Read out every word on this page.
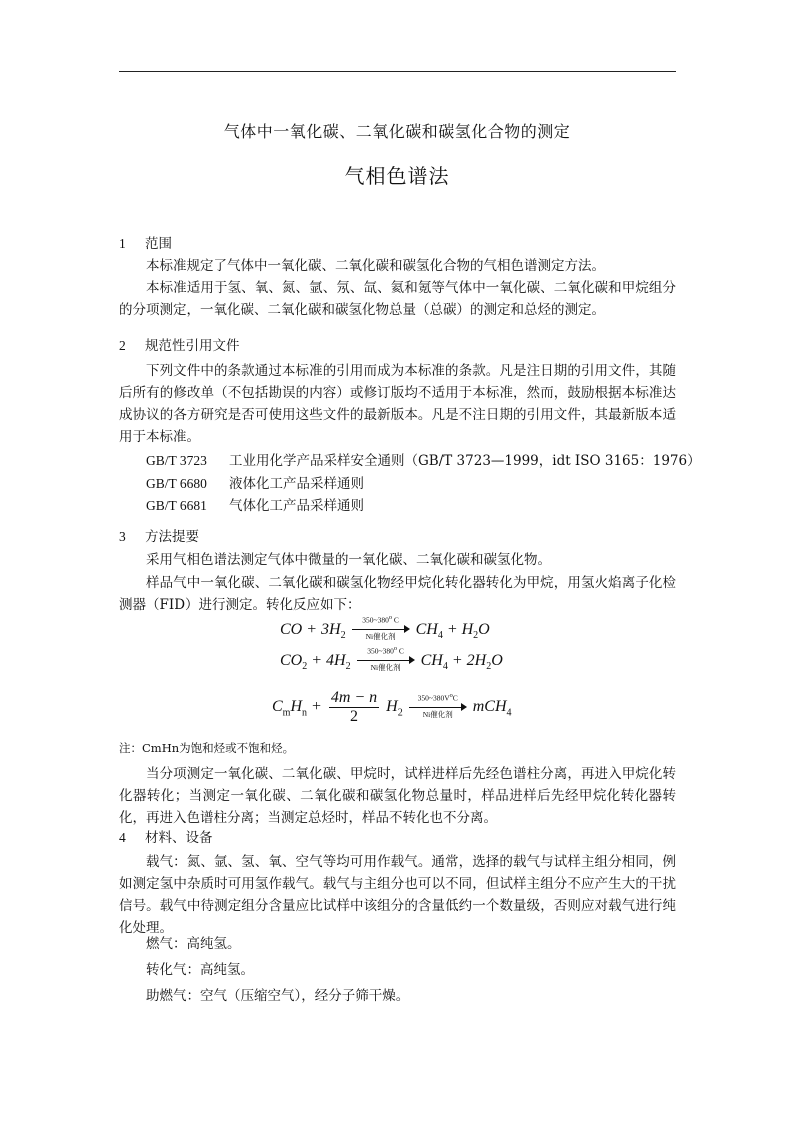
气体中一氧化碳、二氧化碳和碳氢化合物的测定
气相色谱法
1 范围
本标准规定了气体中一氧化碳、二氧化碳和碳氢化合物的气相色谱测定方法。
本标准适用于氢、氧、氮、氩、氖、氙、氦和氪等气体中一氧化碳、二氧化碳和甲烷组分的分项测定，一氧化碳、二氧化碳和碳氢化物总量（总碳）的测定和总烃的测定。
2 规范性引用文件
下列文件中的条款通过本标准的引用而成为本标准的条款。凡是注日期的引用文件，其随后所有的修改单（不包括勘误的内容）或修订版均不适用于本标准，然而，鼓励根据本标准达成协议的各方研究是否可使用这些文件的最新版本。凡是不注日期的引用文件，其最新版本适用于本标准。
GB/T 3723 工业用化学产品采样安全通则（GB/T 3723—1999，idt ISO 3165：1976）
GB/T 6680 液体化工产品采样通则
GB/T 6681 气体化工产品采样通则
3 方法提要
采用气相色谱法测定气体中微量的一氧化碳、二氧化碳和碳氢化物。
样品气中一氧化碳、二氧化碳和碳氢化物经甲烷化转化器转化为甲烷，用氢火焰离子化检测器（FID）进行测定。转化反应如下：
CO + $3H_2$
350~380$^o$ C
Ni催化剂	$CH_4 + H_2O$
$CO_2 + 4H_2$
350~380$^o$ C
Ni催化剂	$CH_4 + 2H_2O$
$C_mH_n + \frac{4m - n}{2} H_2$
$350\sim 380V^oC$
Ni催化剂	mCH$_4$
注：CmHn为饱和烃或不饱和烃。
当分项测定一氧化碳、二氧化碳、甲烷时，试样进样后先经色谱柱分离，再进入甲烷化转化器转化；当测定一氧化碳、二氧化碳和碳氢化物总量时，样品进样后先经甲烷化转化器转化，再进入色谱柱分离；当测定总烃时，样品不转化也不分离。
4 材料、设备
载气：氮、氩、氢、氧、空气等均可用作载气。通常，选择的载气与试样主组分相同，例如测定氢中杂质时可用氢作载气。载气与主组分也可以不同，但试样主组分不应产生大的干扰信号。载气中待测定组分含量应比试样中该组分的含量低约一个数量级，否则应对载气进行纯化处理。
燃气：高纯氢。
转化气：高纯氢。
助燃气：空气（压缩空气），经分子筛干燥。
